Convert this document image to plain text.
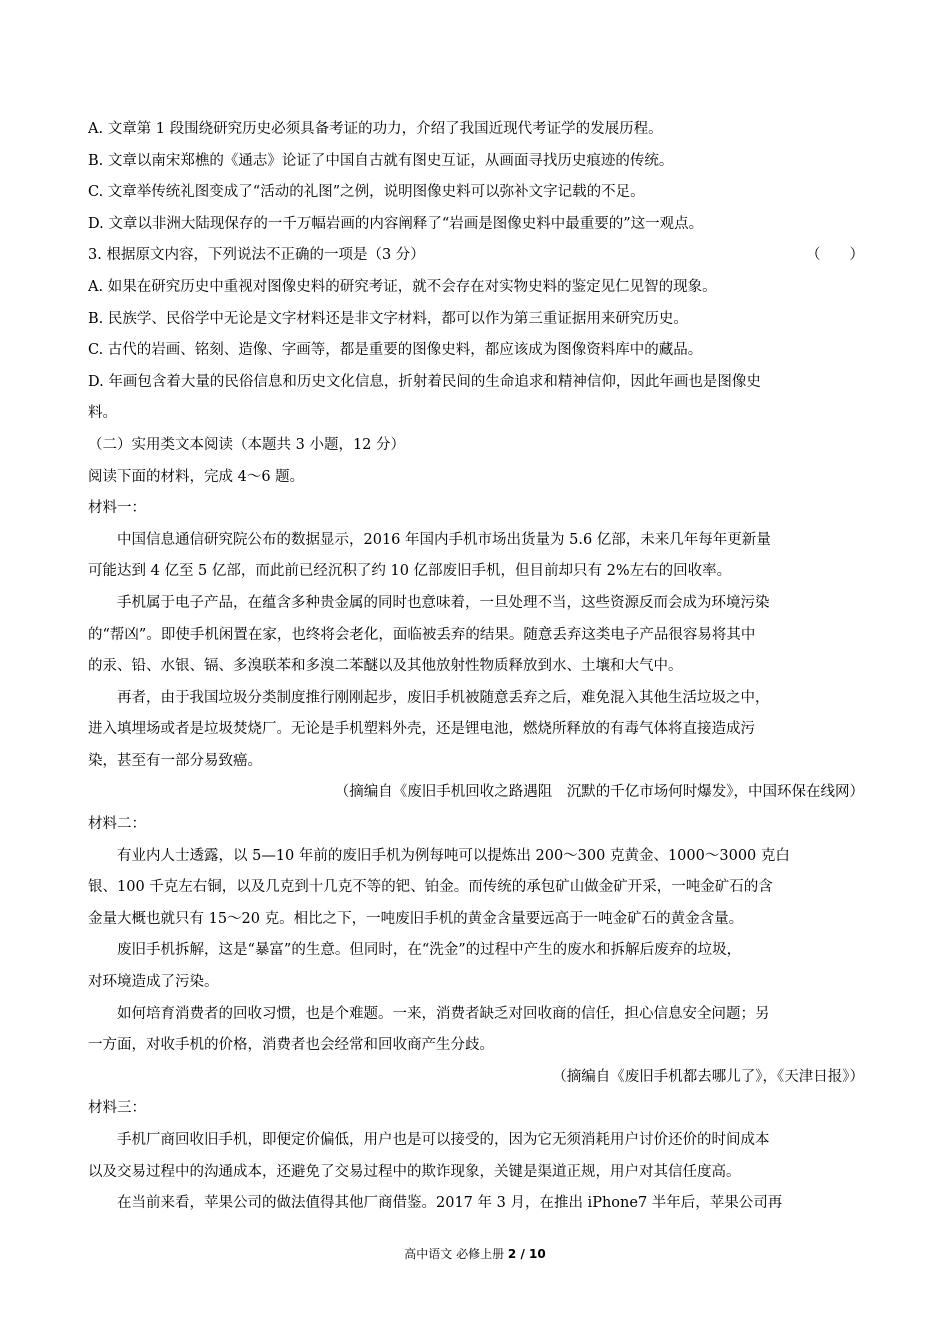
A. 文章第 1 段围绕研究历史必须具备考证的功力，介绍了我国近现代考证学的发展历程。
B. 文章以南宋郑樵的《通志》论证了中国自古就有图史互证，从画面寻找历史痕迹的传统。
C. 文章举传统礼图变成了“活动的礼图”之例，说明图像史料可以弥补文字记载的不足。
D. 文章以非洲大陆现保存的一千万幅岩画的内容阐释了“岩画是图像史料中最重要的”这一观点。
3. 根据原文内容，下列说法不正确的一项是（3 分）	（　　）
A. 如果在研究历史中重视对图像史料的研究考证，就不会存在对实物史料的鉴定见仁见智的现象。
B. 民族学、民俗学中无论是文字材料还是非文字材料，都可以作为第三重证据用来研究历史。
C. 古代的岩画、铭刻、造像、字画等，都是重要的图像史料，都应该成为图像资料库中的藏品。
D. 年画包含着大量的民俗信息和历史文化信息，折射着民间的生命追求和精神信仰，因此年画也是图像史
料。
（二）实用类文本阅读（本题共 3 小题，12 分）
阅读下面的材料，完成 4～6 题。
材料一：
中国信息通信研究院公布的数据显示，2016 年国内手机市场出货量为 5.6 亿部，未来几年每年更新量
可能达到 4 亿至 5 亿部，而此前已经沉积了约 10 亿部废旧手机，但目前却只有 2%左右的回收率。
手机属于电子产品，在蕴含多种贵金属的同时也意味着，一旦处理不当，这些资源反而会成为环境污染
的“帮凶”。即使手机闲置在家，也终将会老化，面临被丢弃的结果。随意丢弃这类电子产品很容易将其中
的汞、铅、水银、镉、多溴联苯和多溴二苯醚以及其他放射性物质释放到水、土壤和大气中。
再者，由于我国垃圾分类制度推行刚刚起步，废旧手机被随意丢弃之后，难免混入其他生活垃圾之中，
进入填埋场或者是垃圾焚烧厂。无论是手机塑料外壳，还是锂电池，燃烧所释放的有毒气体将直接造成污
染，甚至有一部分易致癌。
（摘编自《废旧手机回收之路遇阻　沉默的千亿市场何时爆发》，中国环保在线网）
材料二：
有业内人士透露，以 5—10 年前的废旧手机为例每吨可以提炼出 200～300 克黄金、1000～3000 克白
银、100 千克左右铜，以及几克到十几克不等的钯、铂金。而传统的承包矿山做金矿开采，一吨金矿石的含
金量大概也就只有 15～20 克。相比之下，一吨废旧手机的黄金含量要远高于一吨金矿石的黄金含量。
废旧手机拆解，这是“暴富”的生意。但同时，在“洗金”的过程中产生的废水和拆解后废弃的垃圾，
对环境造成了污染。
如何培育消费者的回收习惯，也是个难题。一来，消费者缺乏对回收商的信任，担心信息安全问题；另
一方面，对收手机的价格，消费者也会经常和回收商产生分歧。
（摘编自《废旧手机都去哪儿了》，《天津日报》）
材料三：
手机厂商回收旧手机，即便定价偏低，用户也是可以接受的，因为它无须消耗用户讨价还价的时间成本
以及交易过程中的沟通成本，还避免了交易过程中的欺诈现象，关键是渠道正规，用户对其信任度高。
在当前来看，苹果公司的做法值得其他厂商借鉴。2017 年 3 月，在推出 iPhone7 半年后，苹果公司再
高中语文 必修上册 2 / 10
